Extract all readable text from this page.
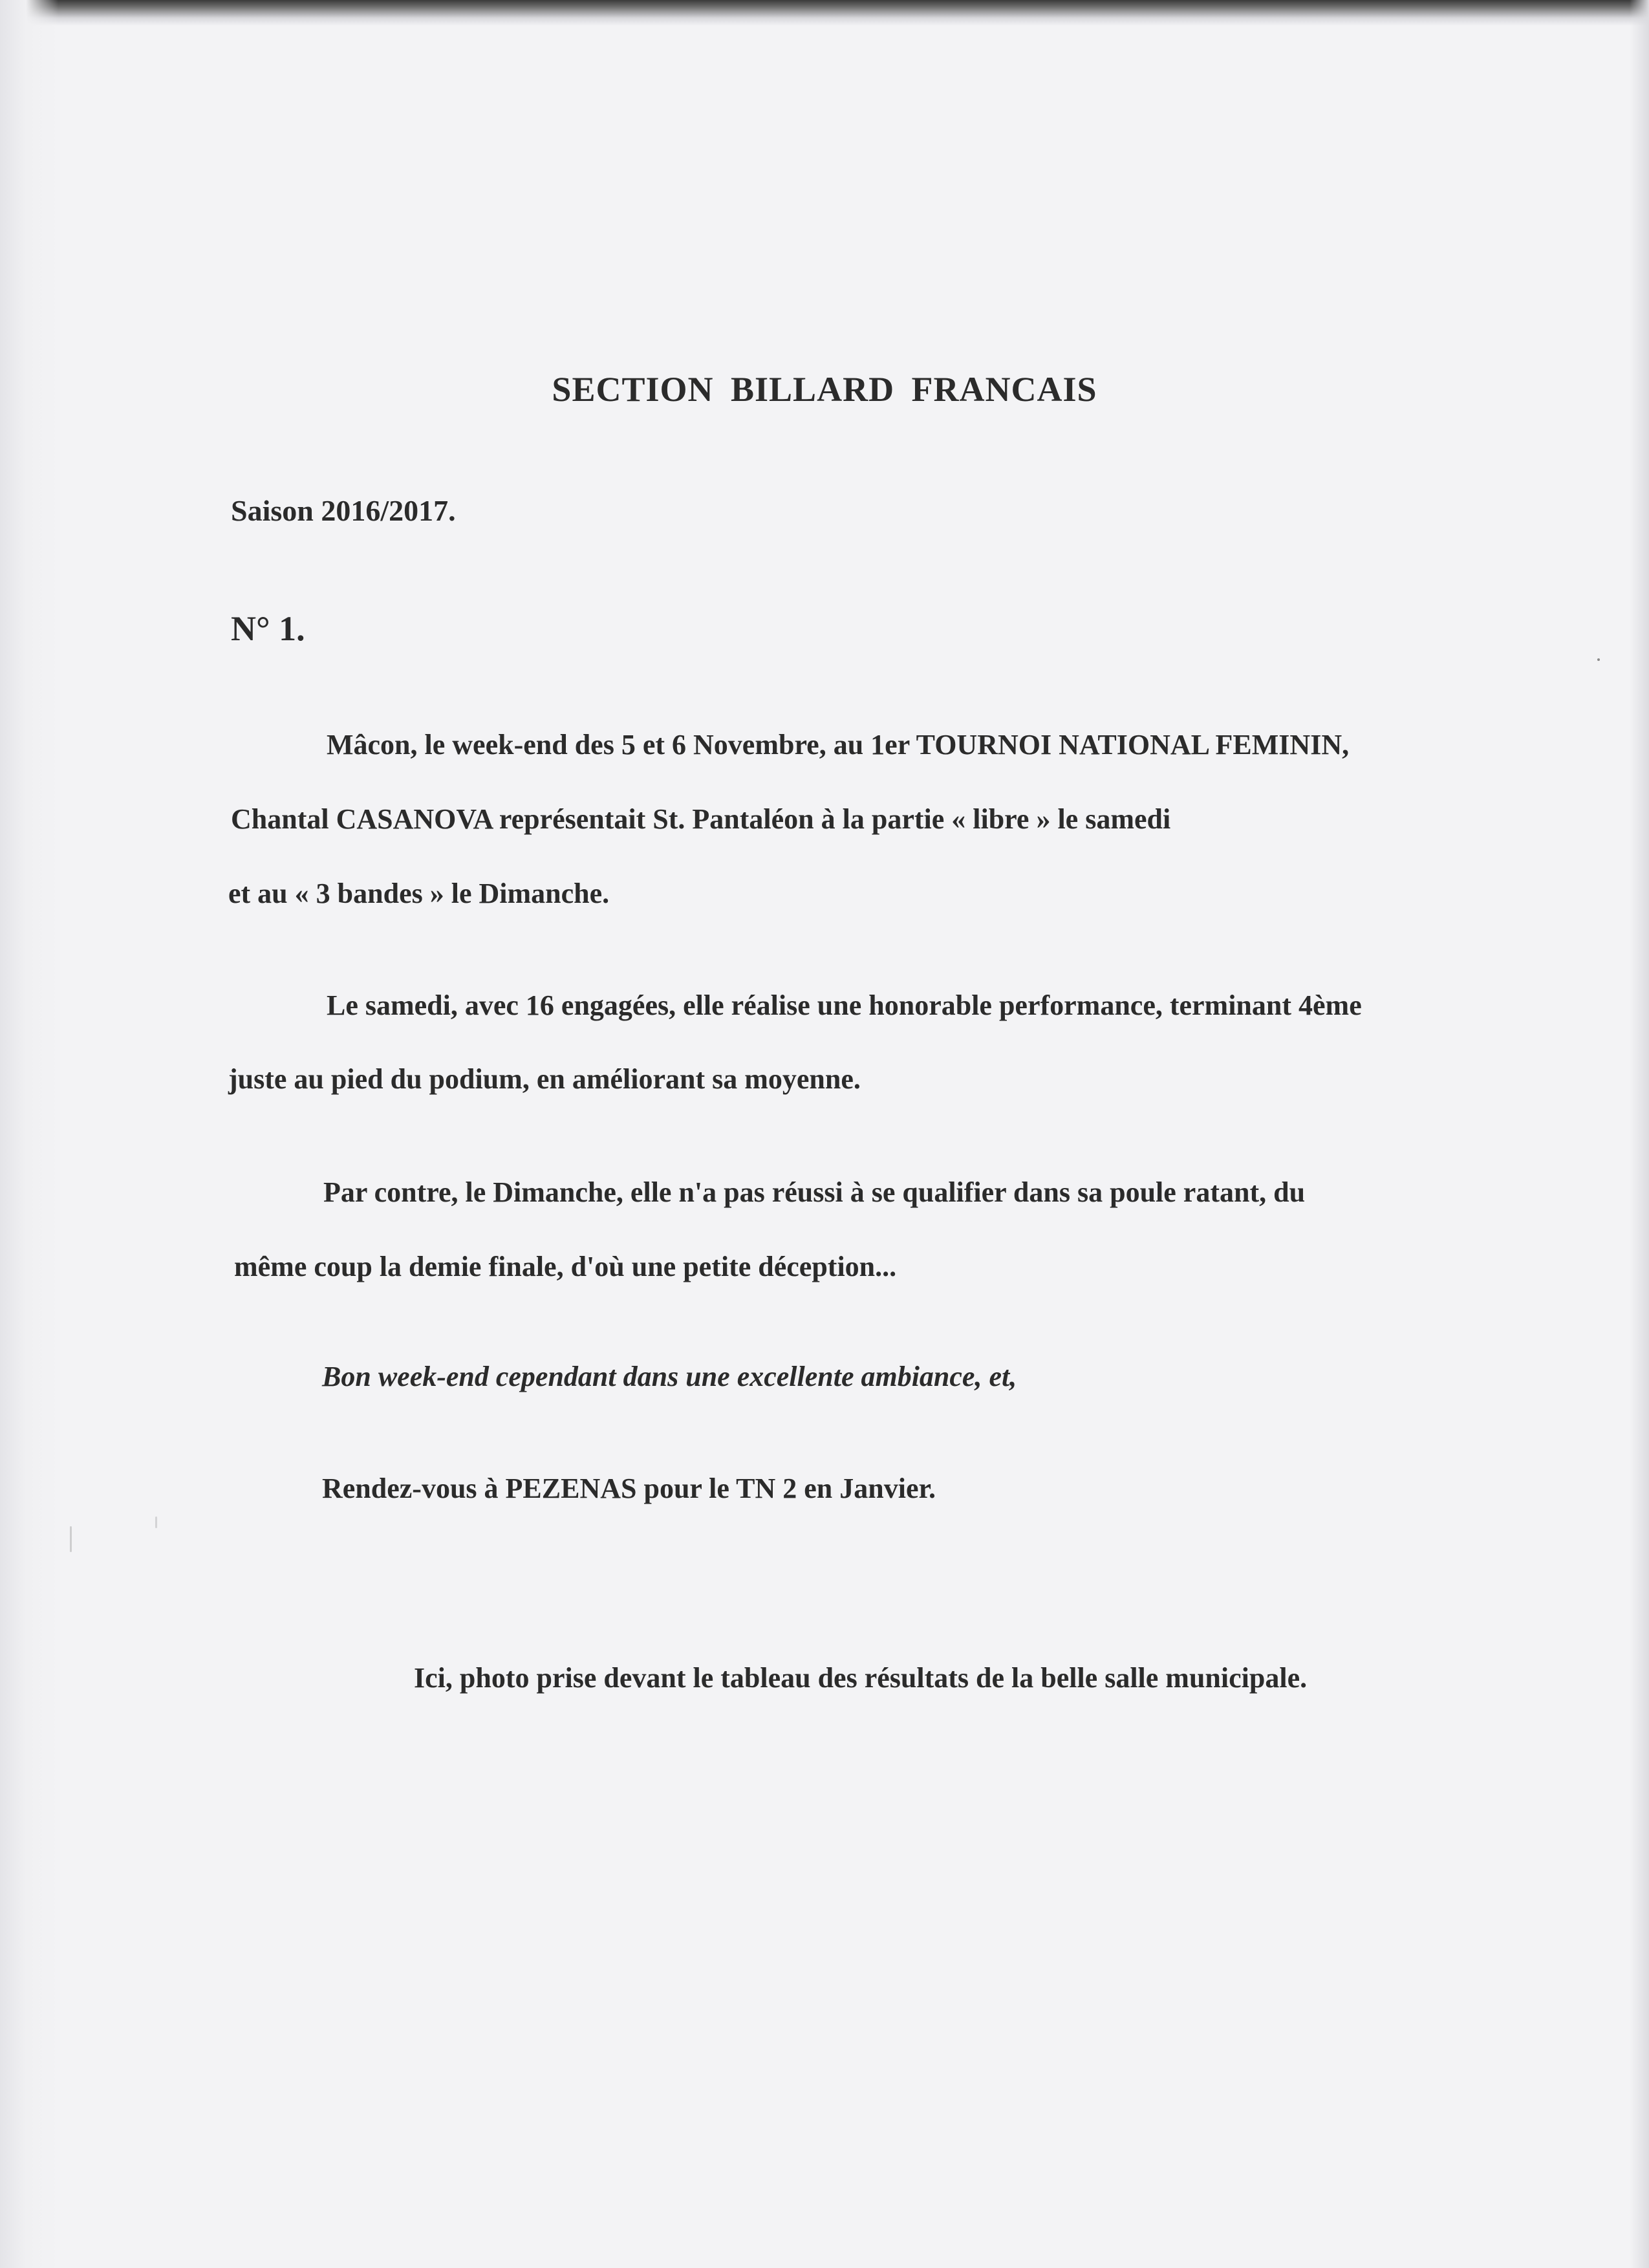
SECTION BILLARD FRANCAIS

Saison 2016/2017.

N° 1.

Mâcon, le week-end des 5 et 6 Novembre, au 1er TOURNOI NATIONAL FEMININ,

Chantal CASANOVA représentait St. Pantaléon à la partie « libre » le samedi

et au « 3 bandes » le Dimanche.

Le samedi, avec 16 engagées, elle réalise une honorable performance, terminant 4ème

juste au pied du podium, en améliorant sa moyenne.

Par contre, le Dimanche, elle n'a pas réussi à se qualifier dans sa poule ratant, du

même coup la demie finale, d'où une petite déception...

Bon week-end cependant dans une excellente ambiance, et,

Rendez-vous à PEZENAS pour le TN 2 en Janvier.

Ici, photo prise devant le tableau des résultats de la belle salle municipale.
